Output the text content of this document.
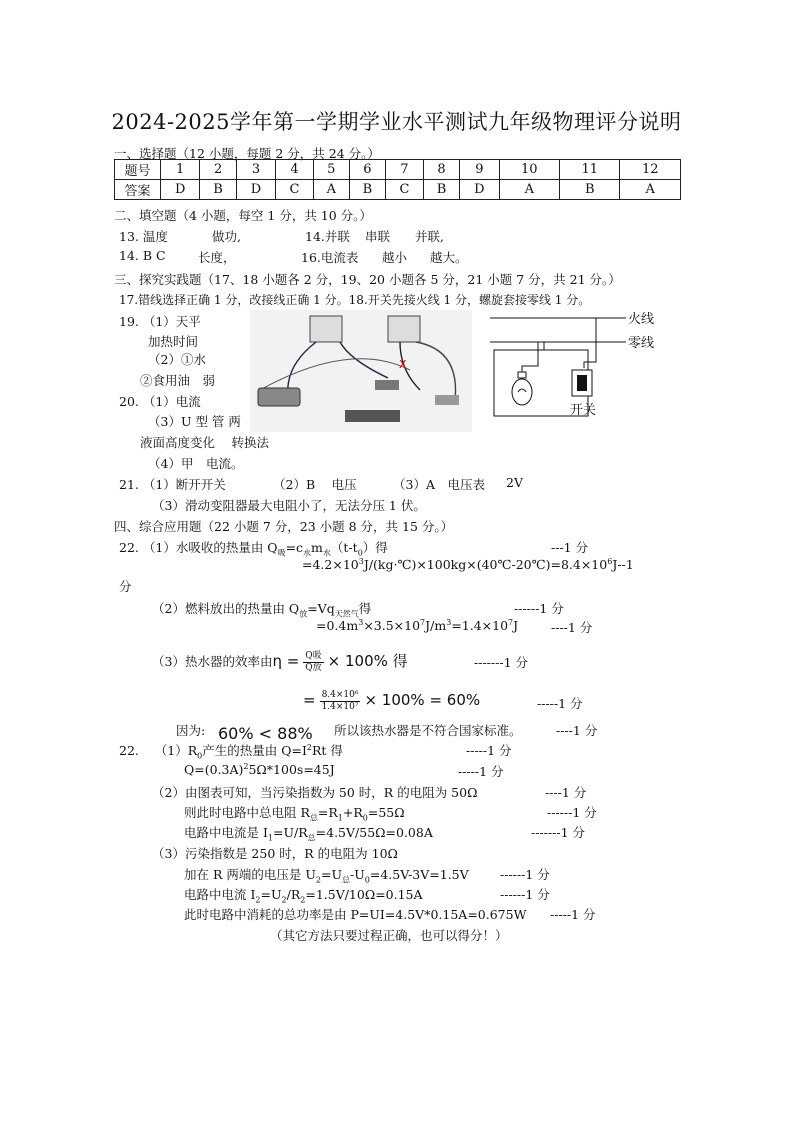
2024-2025学年第一学期学业水平测试九年级物理评分说明
一、选择题（12 小题，每题 2 分，共 24 分。）
题号	1	2	3	4	5	6	7	8	9	10	11	12
答案	D	B	D	C	A	B	C	B	D	A	B	A
二、填空题（4 小题，每空 1 分，共 10 分。）
13. 温度	做功,	14.并联 串联 并联,
14. B C	长度，	16.电流表 越小 越大。
三、探究实践题（17、18 小题各 2 分，19、20 小题各 5 分，21 小题 7 分，共 21 分。）
17.错线选择正确 1 分，改接线正确 1 分。18.开关先接火线 1 分，螺旋套接零线 1 分。
19. （1）天平
加热时间
（2）①水
②食用油　弱
20. （1）电流
（3）U 型 管 两
液面高度变化　 转换法
（4）甲　电流。
21. （1）断开开关	（2）B　 电压	（3）A　电压表 2V
（3）滑动变阻器最大电阻小了，无法分压 1 伏。
X
火线
零线
开关
四、综合应用题（22 小题 7 分，23 小题 8 分，共 15 分。）
22. （1）水吸收的热量由 $Q_吸=c_水m_水(t-t_0)$得	---1 分
$=4.2\times 10^3J/(kg\cdot℃)\times 100kg\times(40℃-20℃)=8.4\times 10^6J--1$
分
（2）燃料放出的热量由 $Q_放=Vq_{天然气}$得	------1 分
$=0.4m^3\times 3.5\times 10^7J/m^3=1.4\times 10^7J$	----1 分
（3）热水器的效率由$\eta = \frac{\text{Q吸}}{\text{Q放}} \times 100\%$ 得	-------1 分
= $\frac{\text{8.4×10⁶}}{\text{1.4×10⁷}} \times 100\% = 60\%$	-----1 分
因为: 60% < 88% 所以该热水器是不符合国家标准。	----1 分
22. $(1)R_0$产生的热量由 $Q=I^2Rt$ 得	-----1 分
$Q=(0.3A)^25\Omega*100s=45J$	-----1 分
（2）由图表可知，当污染指数为 50 时，R 的电阻为 50Ω	----1 分
则此时电路中总电阻 $R_总=R_1+R_0=55\Omega$	------1 分
电路中电流是 $I_1=U/R_总=4.5V/55\Omega=0.08A$	-------1 分
（3）污染指数是 250 时，R 的电阻为 10Ω
加在 R 两端的电压是 $U_2=U_总-U_0=4.5V-3V=1.5V$	------1 分
电路中电流 $I_2=U_2/R_2=1.5V/10\Omega=0.15A$	------1 分
此时电路中消耗的总功率是由 P=UI=4.5V*0.15A=0.675W -----1 分
（其它方法只要过程正确，也可以得分！）
